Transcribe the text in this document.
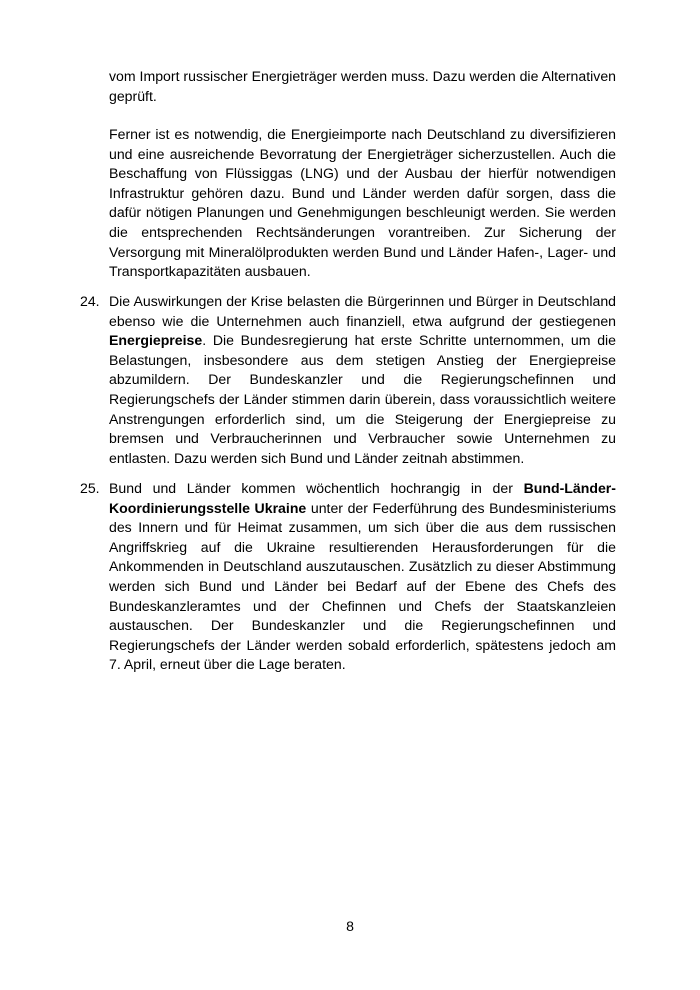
vom Import russischer Energieträger werden muss. Dazu werden die Alternativen geprüft.

Ferner ist es notwendig, die Energieimporte nach Deutschland zu diversifizieren und eine ausreichende Bevorratung der Energieträger sicherzustellen. Auch die Beschaffung von Flüssiggas (LNG) und der Ausbau der hierfür notwendigen Infrastruktur gehören dazu. Bund und Länder werden dafür sorgen, dass die dafür nötigen Planungen und Genehmigungen beschleunigt werden. Sie werden die entsprechenden Rechtsänderungen vorantreiben. Zur Sicherung der Versorgung mit Mineralölprodukten werden Bund und Länder Hafen-, Lager- und Transportkapazitäten ausbauen.

24. Die Auswirkungen der Krise belasten die Bürgerinnen und Bürger in Deutschland ebenso wie die Unternehmen auch finanziell, etwa aufgrund der gestiegenen Energiepreise. Die Bundesregierung hat erste Schritte unternommen, um die Belastungen, insbesondere aus dem stetigen Anstieg der Energiepreise abzumildern. Der Bundeskanzler und die Regierungschefinnen und Regierungschefs der Länder stimmen darin überein, dass voraussichtlich weitere Anstrengungen erforderlich sind, um die Steigerung der Energiepreise zu bremsen und Verbraucherinnen und Verbraucher sowie Unternehmen zu entlasten. Dazu werden sich Bund und Länder zeitnah abstimmen.

25. Bund und Länder kommen wöchentlich hochrangig in der Bund-Länder-Koordinierungsstelle Ukraine unter der Federführung des Bundesministeriums des Innern und für Heimat zusammen, um sich über die aus dem russischen Angriffskrieg auf die Ukraine resultierenden Herausforderungen für die Ankommenden in Deutschland auszutauschen. Zusätzlich zu dieser Abstimmung werden sich Bund und Länder bei Bedarf auf der Ebene des Chefs des Bundeskanzleramtes und der Chefinnen und Chefs der Staatskanzleien austauschen. Der Bundeskanzler und die Regierungschefinnen und Regierungschefs der Länder werden sobald erforderlich, spätestens jedoch am 7. April, erneut über die Lage beraten.

8
